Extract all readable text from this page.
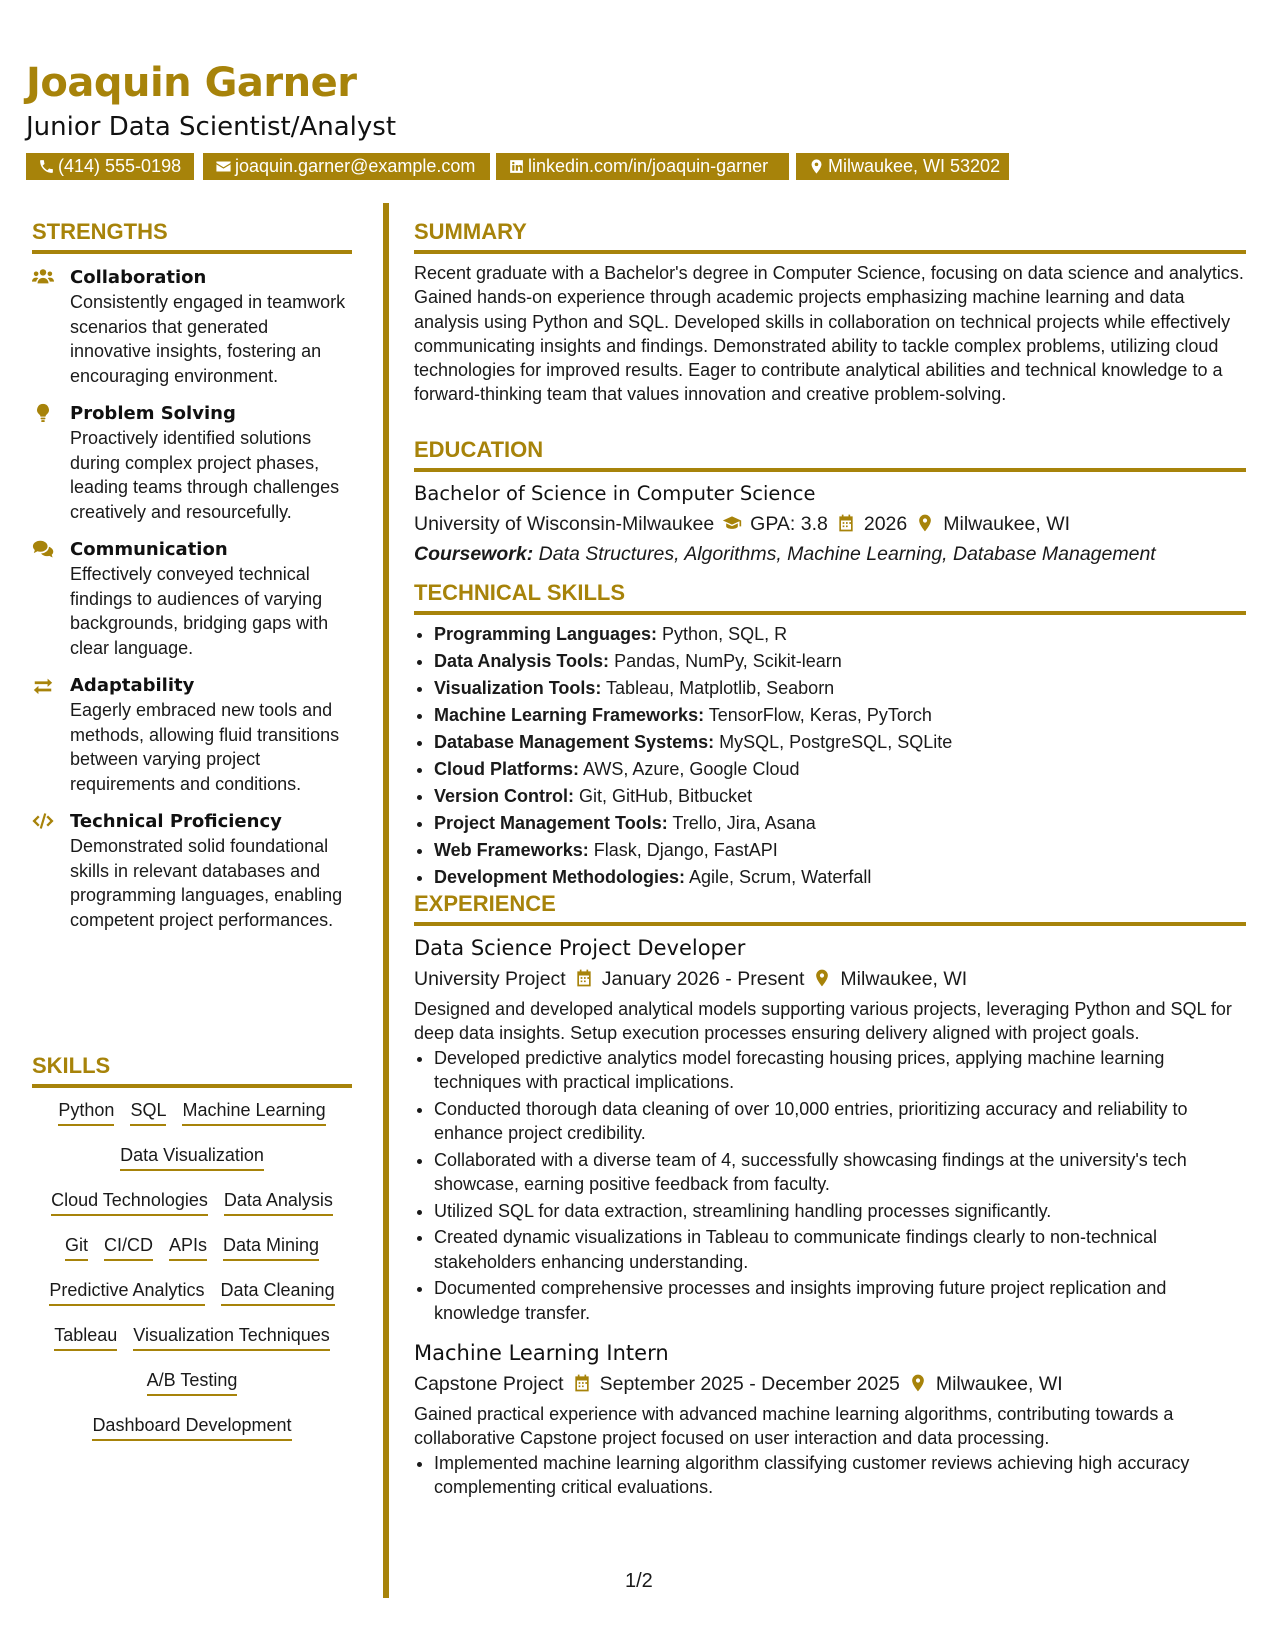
Joaquin Garner
Junior Data Scientist/Analyst
(414) 555-0198	joaquin.garner@example.com	linkedin.com/in/joaquin-garner	Milwaukee, WI 53202
STRENGTHS
Collaboration
Consistently engaged in teamwork scenarios that generated innovative insights, fostering an encouraging environment.
Problem Solving
Proactively identified solutions during complex project phases, leading teams through challenges creatively and resourcefully.
Communication
Effectively conveyed technical findings to audiences of varying backgrounds, bridging gaps with clear language.
Adaptability
Eagerly embraced new tools and methods, allowing fluid transitions between varying project requirements and conditions.
Technical Proficiency
Demonstrated solid foundational skills in relevant databases and programming languages, enabling competent project performances.
SKILLS
Python SQL Machine Learning
Data Visualization
Cloud Technologies Data Analysis
Git CI/CD APIs Data Mining
Predictive Analytics Data Cleaning
Tableau Visualization Techniques
A/B Testing
Dashboard Development
SUMMARY
Recent graduate with a Bachelor's degree in Computer Science, focusing on data science and analytics. Gained hands-on experience through academic projects emphasizing machine learning and data analysis using Python and SQL. Developed skills in collaboration on technical projects while effectively communicating insights and findings. Demonstrated ability to tackle complex problems, utilizing cloud technologies for improved results. Eager to contribute analytical abilities and technical knowledge to a forward-thinking team that values innovation and creative problem-solving.
EDUCATION
Bachelor of Science in Computer Science
University of Wisconsin-Milwaukee GPA: 3.8 2026 Milwaukee, WI
Coursework: Data Structures, Algorithms, Machine Learning, Database Management
TECHNICAL SKILLS
• Programming Languages: Python, SQL, R
• Data Analysis Tools: Pandas, NumPy, Scikit-learn
• Visualization Tools: Tableau, Matplotlib, Seaborn
• Machine Learning Frameworks: TensorFlow, Keras, PyTorch
• Database Management Systems: MySQL, PostgreSQL, SQLite
• Cloud Platforms: AWS, Azure, Google Cloud
• Version Control: Git, GitHub, Bitbucket
• Project Management Tools: Trello, Jira, Asana
• Web Frameworks: Flask, Django, FastAPI
• Development Methodologies: Agile, Scrum, Waterfall
EXPERIENCE
Data Science Project Developer
University Project January 2026 - Present Milwaukee, WI
Designed and developed analytical models supporting various projects, leveraging Python and SQL for deep data insights. Setup execution processes ensuring delivery aligned with project goals.
• Developed predictive analytics model forecasting housing prices, applying machine learning techniques with practical implications.
• Conducted thorough data cleaning of over 10,000 entries, prioritizing accuracy and reliability to enhance project credibility.
• Collaborated with a diverse team of 4, successfully showcasing findings at the university's tech showcase, earning positive feedback from faculty.
• Utilized SQL for data extraction, streamlining handling processes significantly.
• Created dynamic visualizations in Tableau to communicate findings clearly to non-technical stakeholders enhancing understanding.
• Documented comprehensive processes and insights improving future project replication and knowledge transfer.
Machine Learning Intern
Capstone Project September 2025 - December 2025 Milwaukee, WI
Gained practical experience with advanced machine learning algorithms, contributing towards a collaborative Capstone project focused on user interaction and data processing.
• Implemented machine learning algorithm classifying customer reviews achieving high accuracy complementing critical evaluations.
1/2
